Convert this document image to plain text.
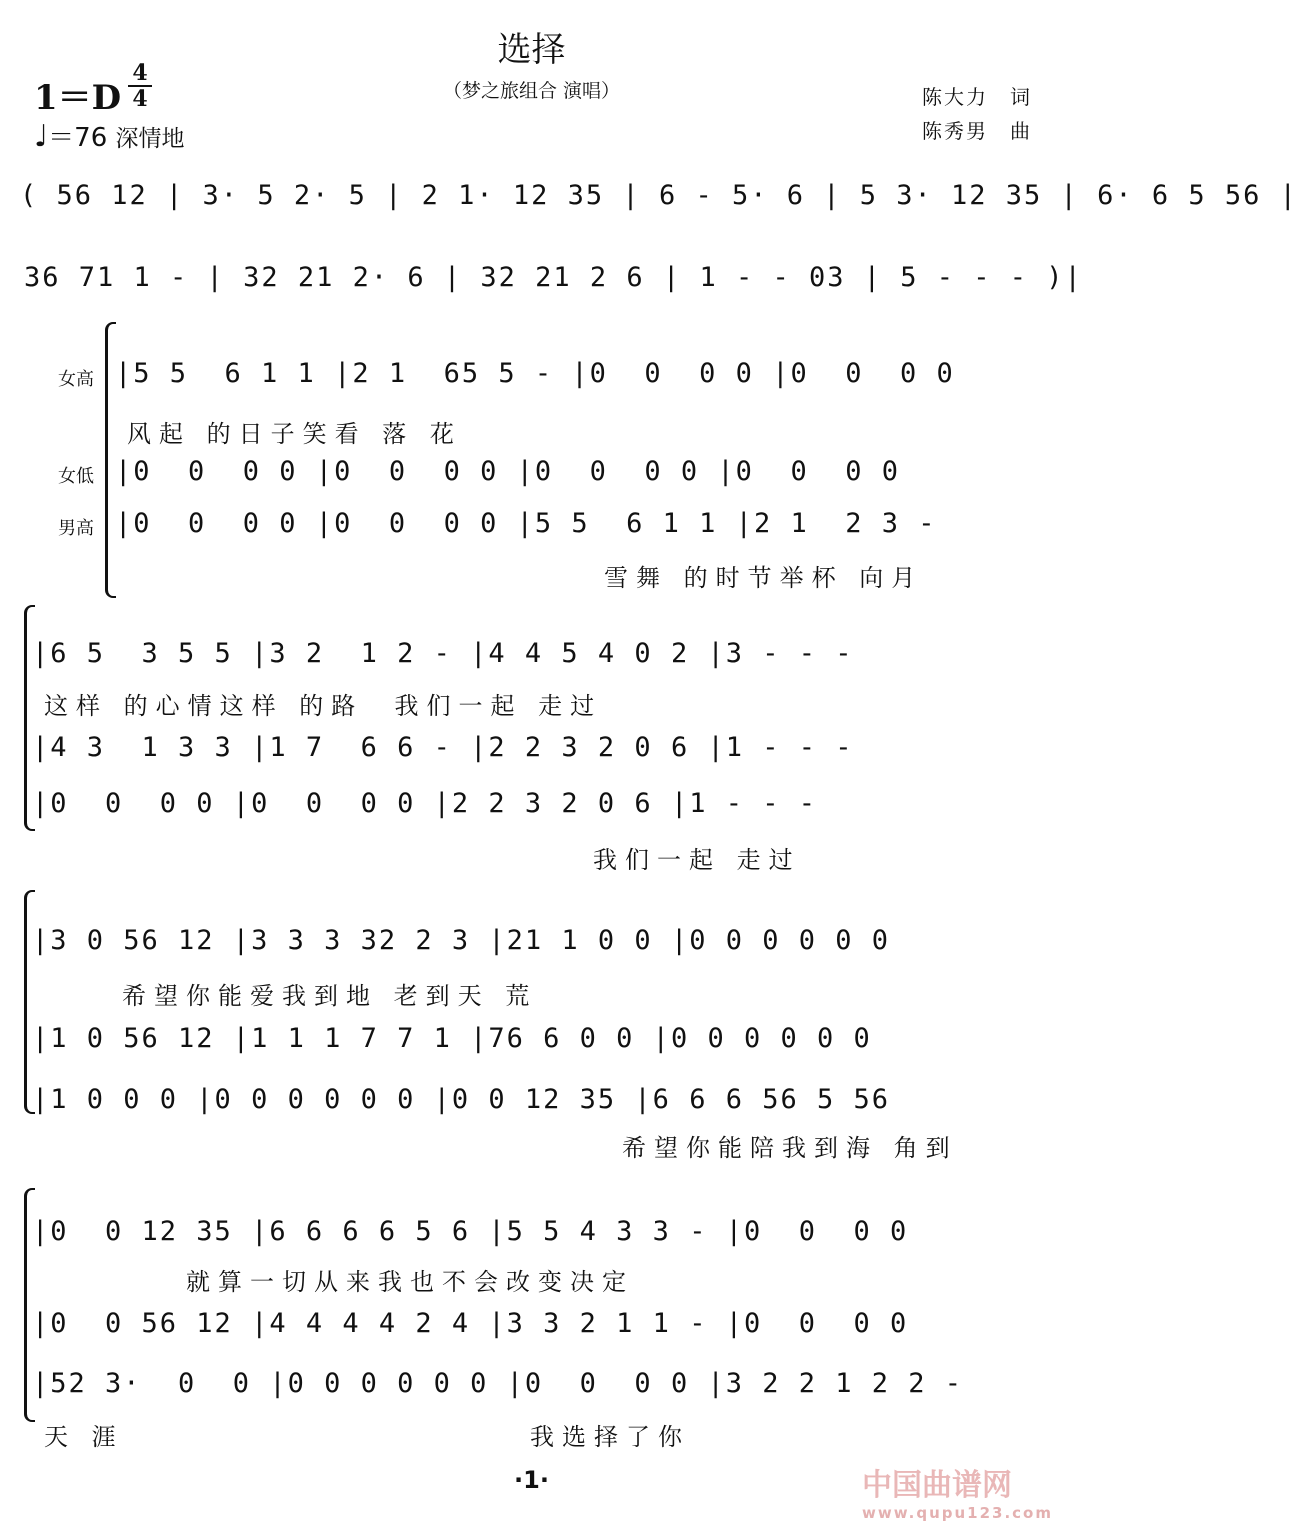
选择
（梦之旅组合 演唱）
1＝D
4
4
♩＝76 深情地
陈大力　词
陈秀男　曲
( 56 12 | 3· 5 2· 5 | 2 1· 12 35 | 6 - 5· 6 | 5 3· 12 35 | 6· 6 5 56 |
36 71 1 - | 32 21 2· 6 | 32 21 2 6 | 1 - - 03 | 5 - - - )|
女高
女低
男高
|5 5  6 1 1 |2 1  65 5 - |0  0  0 0 |0  0  0 0
风起 的日子笑看 落 花
|0  0  0 0 |0  0  0 0 |0  0  0 0 |0  0  0 0
|0  0  0 0 |0  0  0 0 |5 5  6 1 1 |2 1  2 3 -
雪舞 的时节举杯 向月
|6 5  3 5 5 |3 2  1 2 - |4 4 5 4 0 2 |3 - - -
这样 的心情这样 的路  我们一起 走过
|4 3  1 3 3 |1 7  6 6 - |2 2 3 2 0 6 |1 - - -
|0  0  0 0 |0  0  0 0 |2 2 3 2 0 6 |1 - - -
我们一起 走过
|3 0 56 12 |3 3 3 32 2 3 |21 1 0 0 |0 0 0 0 0 0
希望你能爱我到地 老到天 荒
|1 0 56 12 |1 1 1 7 7 1 |76 6 0 0 |0 0 0 0 0 0
|1 0 0 0 |0 0 0 0 0 0 |0 0 12 35 |6 6 6 56 5 56
希望你能陪我到海 角到
|0  0 12 35 |6 6 6 6 5 6 |5 5 4 3 3 - |0  0  0 0
就算一切从来我也不会改变决定
|0  0 56 12 |4 4 4 4 2 4 |3 3 2 1 1 - |0  0  0 0
|52 3·  0  0 |0 0 0 0 0 0 |0  0  0 0 |3 2 2 1 2 2 -
天 涯                          我选择了你
·1·	中国曲谱网
www.qupu123.com
